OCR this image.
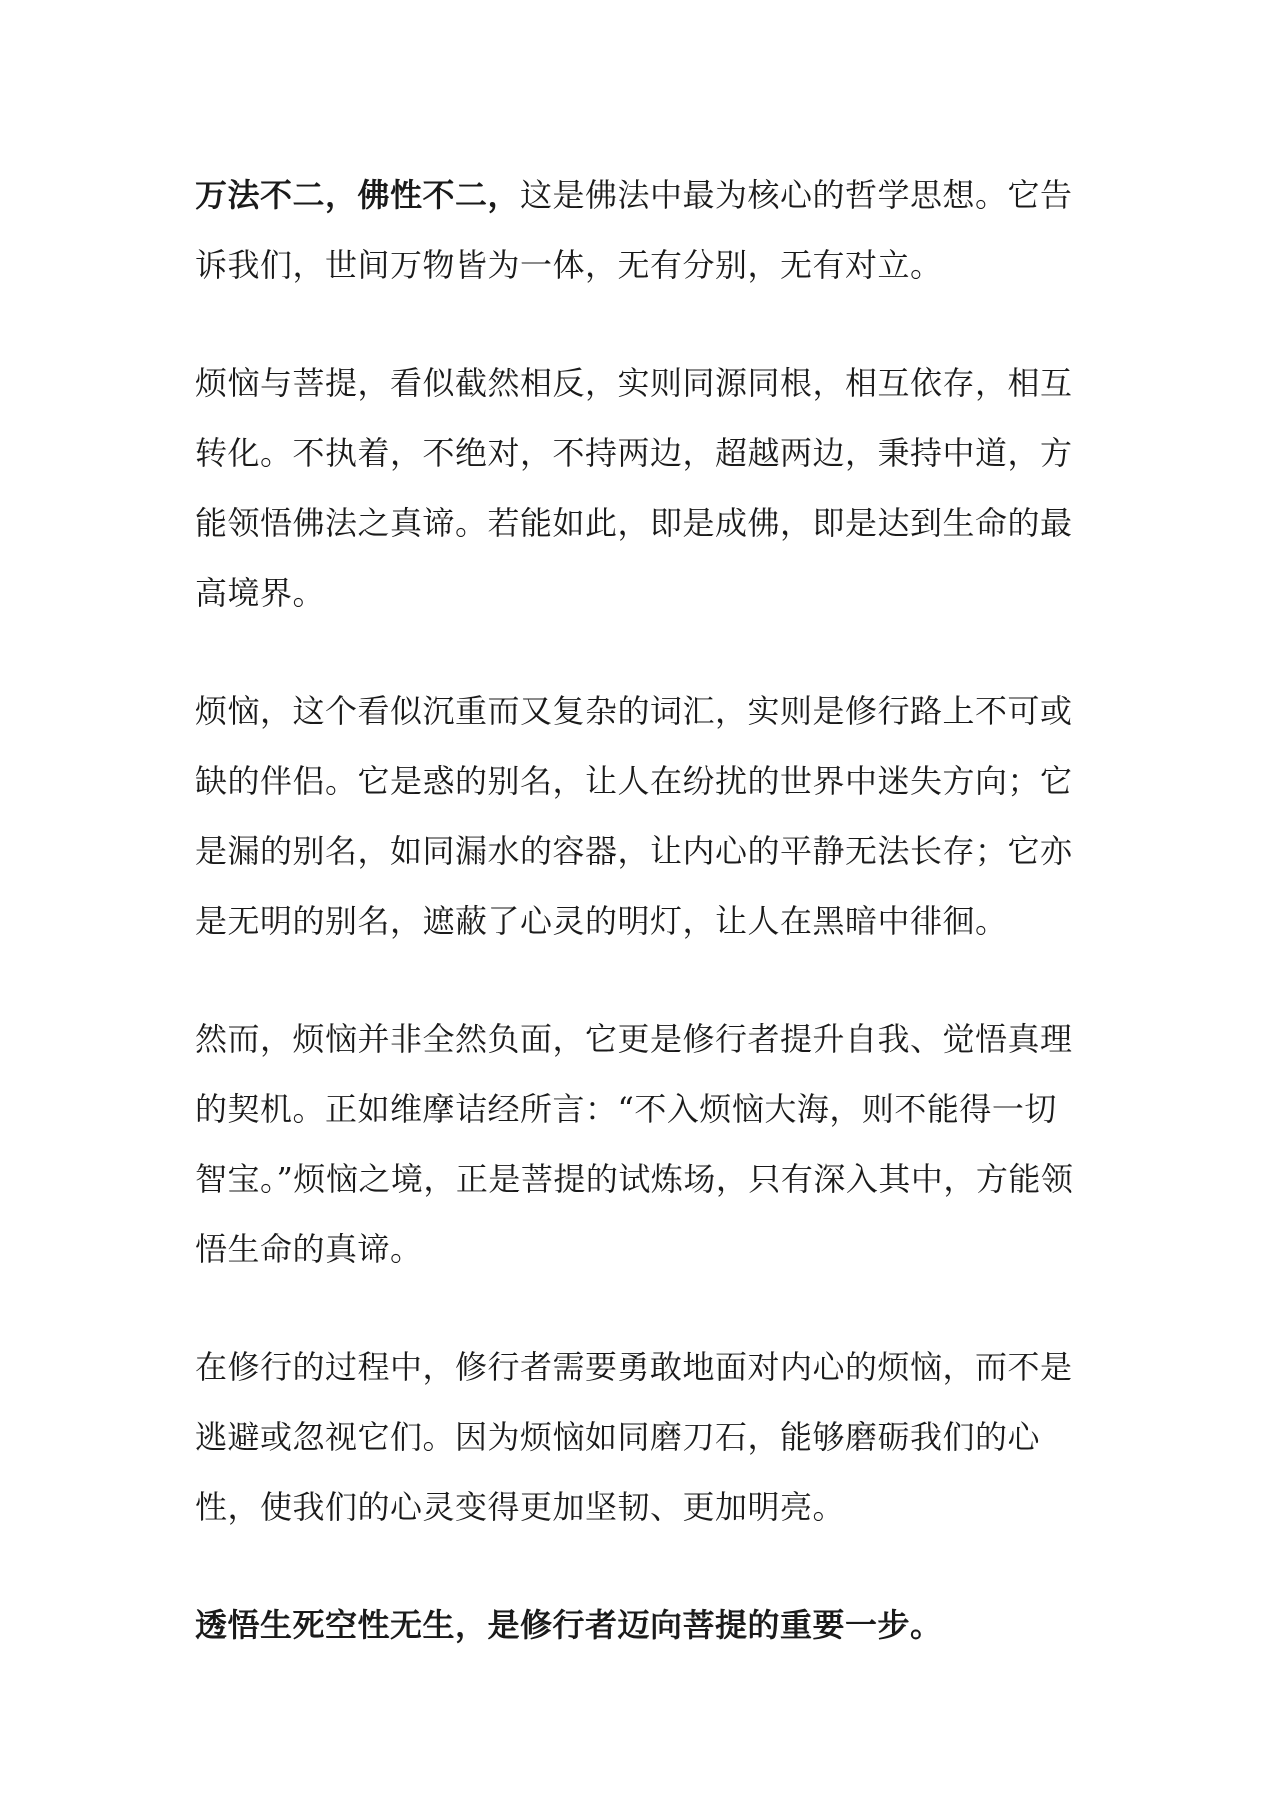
万法不二，佛性不二，这是佛法中最为核心的哲学思想。它告诉我们，世间万物皆为一体，无有分别，无有对立。

烦恼与菩提，看似截然相反，实则同源同根，相互依存，相互转化。不执着，不绝对，不持两边，超越两边，秉持中道，方能领悟佛法之真谛。若能如此，即是成佛，即是达到生命的最高境界。

烦恼，这个看似沉重而又复杂的词汇，实则是修行路上不可或缺的伴侣。它是惑的别名，让人在纷扰的世界中迷失方向；它是漏的别名，如同漏水的容器，让内心的平静无法长存；它亦是无明的别名，遮蔽了心灵的明灯，让人在黑暗中徘徊。

然而，烦恼并非全然负面，它更是修行者提升自我、觉悟真理的契机。正如维摩诘经所言：“不入烦恼大海，则不能得一切智宝。”烦恼之境，正是菩提的试炼场，只有深入其中，方能领悟生命的真谛。

在修行的过程中，修行者需要勇敢地面对内心的烦恼，而不是逃避或忽视它们。因为烦恼如同磨刀石，能够磨砺我们的心性，使我们的心灵变得更加坚韧、更加明亮。

透悟生死空性无生，是修行者迈向菩提的重要一步。
